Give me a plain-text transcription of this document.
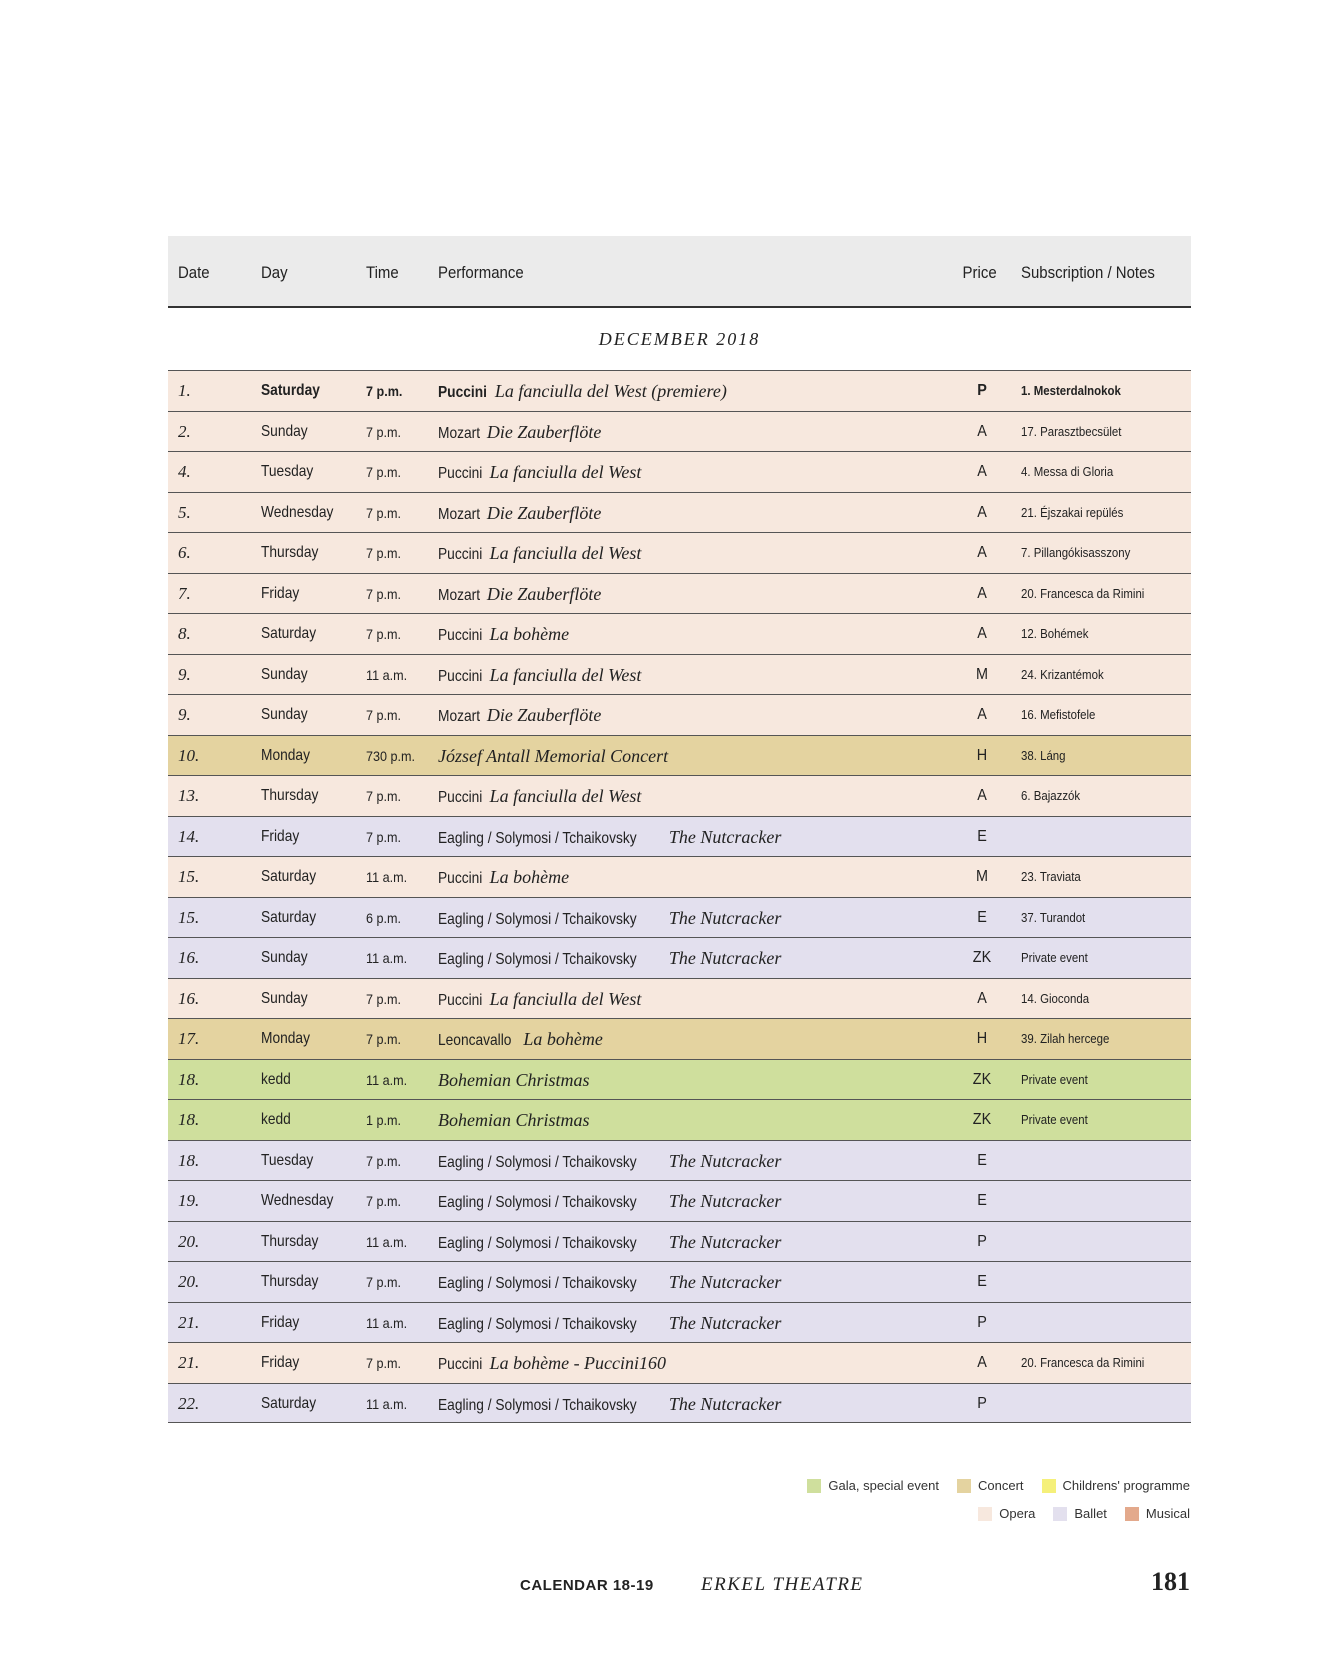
Date	Day	Time Performance	Price Subscription / Notes
DECEMBER 2018
1.	Saturday	7 p.m. Puccini La fanciulla del West (premiere)	P	1. Mesterdalnokok
2.	Sunday	7 p.m. Mozart Die Zauberflöte	A	17. Parasztbecsület
4.	Tuesday	7 p.m. Puccini La fanciulla del West	A	4. Messa di Gloria
5.	Wednesday 7 p.m. Mozart Die Zauberflöte	A	21. Éjszakai repülés
6.	Thursday	7 p.m. Puccini La fanciulla del West	A	7. Pillangókisasszony
7.	Friday	7 p.m. Mozart Die Zauberflöte	A	20. Francesca da Rimini
8.	Saturday	7 p.m. Puccini La bohème	A	12. Bohémek
9.	Sunday	11 a.m. Puccini La fanciulla del West	M	24. Krizantémok
9.	Sunday	7 p.m. Mozart Die Zauberflöte	A	16. Mefistofele
10.	Monday	730 p.m. József Antall Memorial Concert	H	38. Láng
13.	Thursday	7 p.m. Puccini La fanciulla del West	A	6. Bajazzók
14.	Friday	7 p.m. Eagling / Solymosi / Tchaikovsky The Nutcracker	E
15.	Saturday	11 a.m. Puccini La bohème	M	23. Traviata
15.	Saturday	6 p.m. Eagling / Solymosi / Tchaikovsky The Nutcracker	E	37. Turandot
16.	Sunday	11 a.m. Eagling / Solymosi / Tchaikovsky The Nutcracker	ZK	Private event
16.	Sunday	7 p.m. Puccini La fanciulla del West	A	14. Gioconda
17.	Monday	7 p.m. Leoncavallo La bohème	H	39. Zilah hercege
18.	kedd	11 a.m. Bohemian Christmas	ZK	Private event
18.	kedd	1 p.m. Bohemian Christmas	ZK	Private event
18.	Tuesday	7 p.m. Eagling / Solymosi / Tchaikovsky The Nutcracker	E
19.	Wednesday 7 p.m. Eagling / Solymosi / Tchaikovsky The Nutcracker	E
20.	Thursday	11 a.m. Eagling / Solymosi / Tchaikovsky The Nutcracker	P
20.	Thursday	7 p.m. Eagling / Solymosi / Tchaikovsky The Nutcracker	E
21.	Friday	11 a.m. Eagling / Solymosi / Tchaikovsky The Nutcracker	P
21.	Friday	7 p.m. Puccini La bohème - Puccini160	A	20. Francesca da Rimini
22.	Saturday	11 a.m. Eagling / Solymosi / Tchaikovsky The Nutcracker	P
Gala, special event	Concert	Childrens' programme
Opera	Ballet	Musical
CALENDAR 18-19 ERKEL THEATRE	181
